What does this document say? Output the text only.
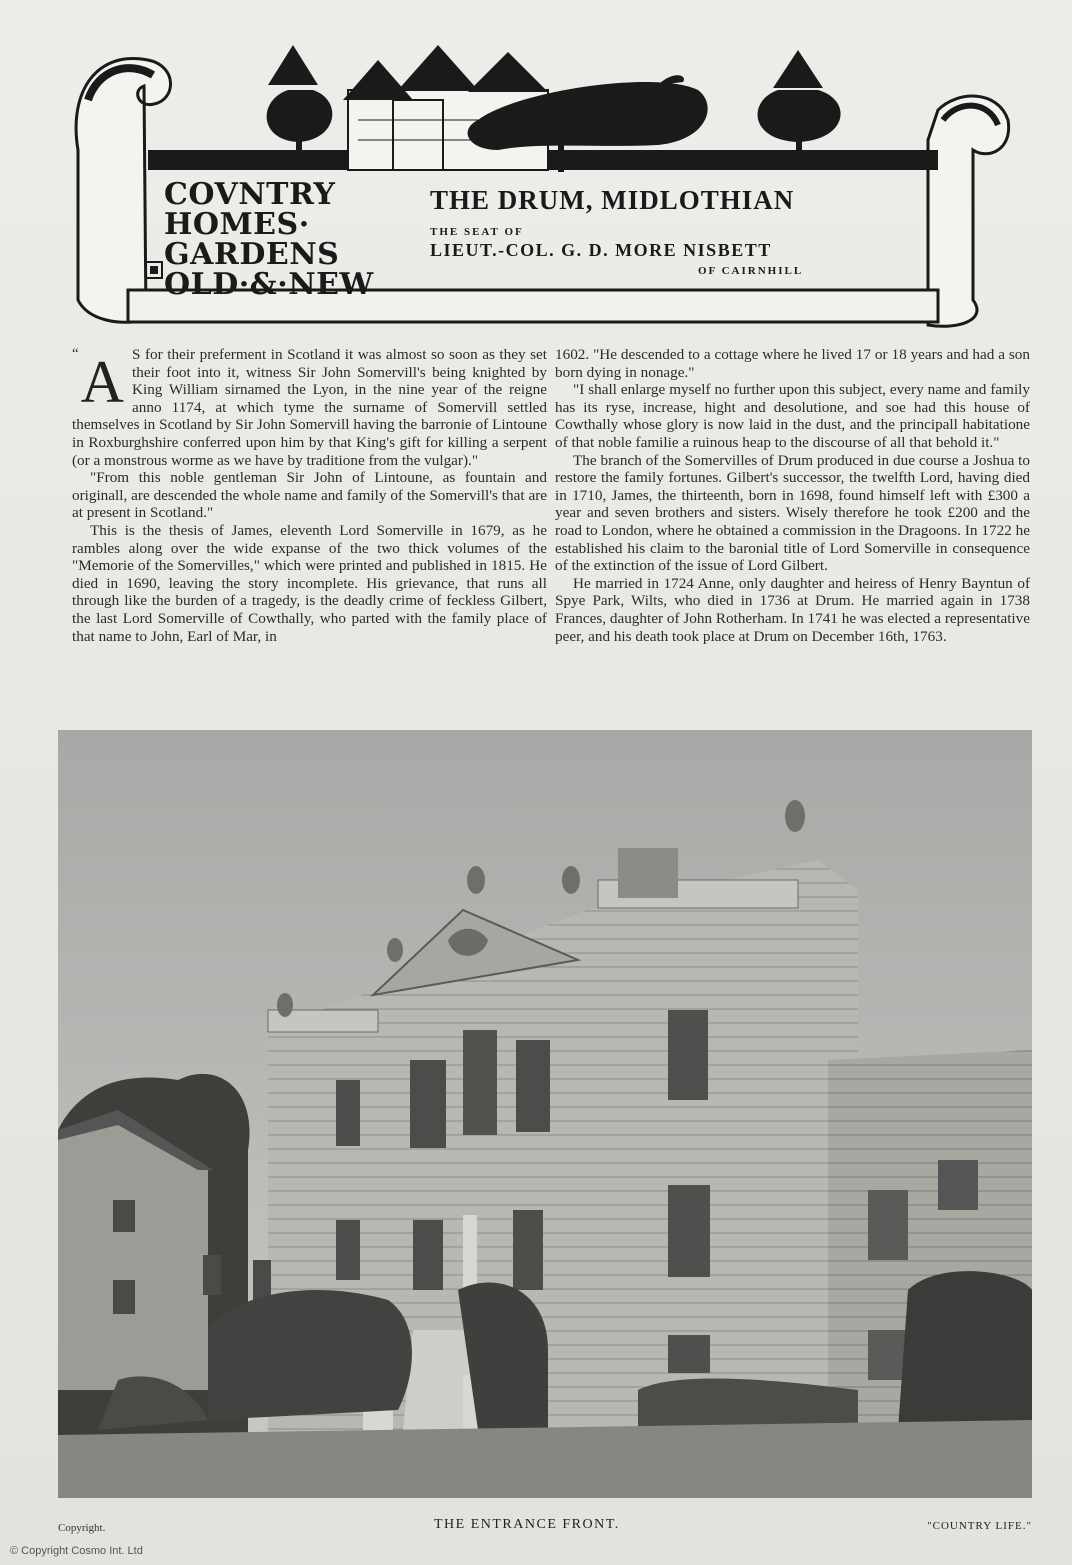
COVNTRY
HOMES·
GARDENS
OLD·&·NEW
THE DRUM, MIDLOTHIAN
THE SEAT OF
LIEUT.-COL. G. D. MORE NISBETT
OF CAIRNHILL

“ A S for their preferment in Scotland it was almost so soon as they set their foot into it, witness Sir John Somervill's being knighted by King William sirnamed the Lyon, in the nine year of the reigne anno 1174, at which tyme the surname of Somervill settled themselves in Scotland by Sir John Somervill having the barronie of Lintoune in Roxburghshire conferred upon him by that King's gift for killing a serpent (or a monstrous worme as we have by traditione from the vulgar)."

"From this noble gentleman Sir John of Lintoune, as fountain and originall, are descended the whole name and family of the Somervill's that are at present in Scotland."

This is the thesis of James, eleventh Lord Somerville in 1679, as he rambles along over the wide expanse of the two thick volumes of the "Memorie of the Somervilles," which were printed and published in 1815. He died in 1690, leaving the story incomplete. His grievance, that runs all through like the burden of a tragedy, is the deadly crime of feckless Gilbert, the last Lord Somerville of Cowthally, who parted with the family place of that name to John, Earl of Mar, in

1602. "He descended to a cottage where he lived 17 or 18 years and had a son born dying in nonage."

"I shall enlarge myself no further upon this subject, every name and family has its ryse, increase, hight and desolutione, and soe had this house of Cowthally whose glory is now laid in the dust, and the principall habitatione of that noble familie a ruinous heap to the discourse of all that behold it."

The branch of the Somervilles of Drum produced in due course a Joshua to restore the family fortunes. Gilbert's successor, the twelfth Lord, having died in 1710, James, the thirteenth, born in 1698, found himself left with £300 a year and seven brothers and sisters. Wisely therefore he took £200 and the road to London, where he obtained a commission in the Dragoons. In 1722 he established his claim to the baronial title of Lord Somerville in consequence of the extinction of the issue of Lord Gilbert.

He married in 1724 Anne, only daughter and heiress of Henry Bayntun of Spye Park, Wilts, who died in 1736 at Drum. He married again in 1738 Frances, daughter of John Rotherham. In 1741 he was elected a representative peer, and his death took place at Drum on December 16th, 1763.

Copyright.	THE ENTRANCE FRONT.	"COUNTRY LIFE."
© Copyright Cosmo Int. Ltd
